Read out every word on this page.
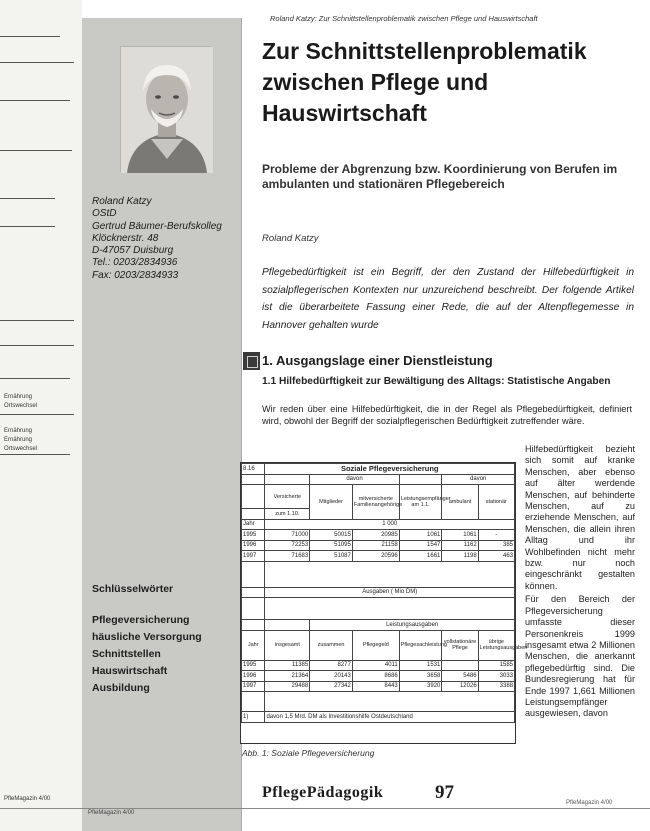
Ernährung
Ortswechsel
Ernährung
Ernährung
Ortswechsel
PfleMagazin 4/00
Roland Katzy
OStD
Gertrud Bäumer-Berufskolleg
Klöcknerstr. 48
D-47057 Duisburg
Tel.: 0203/2834936
Fax: 0203/2834933
Schlüsselwörter
Pflegeversicherung
häusliche Versorgung
Schnittstellen
Hauswirtschaft
Ausbildung
Roland Katzy: Zur Schnittstellenproblematik zwischen Pflege und Hauswirtschaft
Zur Schnittstellenproblematik zwischen Pflege und Hauswirtschaft
Probleme der Abgrenzung bzw. Koordinierung von Berufen im ambulanten und stationären Pflegebereich
Roland Katzy

Pflegebedürftigkeit ist ein Begriff, der den Zustand der Hilfebedürftigkeit in sozialpflegerischen Kontexten nur unzureichend beschreibt. Der folgende Artikel ist die überarbeitete Fassung einer Rede, die auf der Altenpflegemesse in Hannover gehalten wurde

1. Ausgangslage einer Dienstleistung
1.1 Hilfebedürftigkeit zur Bewältigung des Alltags: Statistische Angaben

Wir reden über eine Hilfebedürftigkeit, die in der Regel als Pflegebedürftigkeit, definiert wird, obwohl der Begriff der sozialpflegerischen Bedürftigkeit zutreffender wäre.

8.16	Soziale Pflegeversicherung					
		davon			davon	
	Versicherte	Mitglieder	mitversicherte Familienangehörige	Leistungsempfänger am 1.1.	ambulant	stationär
	zum 1.10.					
Jahr	1 000					
1995	71000	50015	20985	1061	1061	-
1996	72253	51095	21158	1547	1162	385
1997	71683	51087	20596	1661	1198	463

	Ausgaben ( Mio DM)					

		Leistungsausgaben				
Jahr	insgesamt	zusammen	Pflegegeld	Pflegesachleistung	vollstationäre Pflege	übrige Leistungsausgaben
1995	11385	8277	4011	1531		1585
1996	21364	20143	8686	3658	5486	3033
1997	29488	27342	8443	3920	12026	3388

1)	davon 1,5 Mrd. DM als Investitionshilfe Ostdeutschland					
Abb. 1: Soziale Pflegeversicherung

Hilfebedürftigkeit bezieht sich somit auf kranke Menschen, aber ebenso auf älter werdende Menschen, auf behinderte Menschen, auf zu erziehende Menschen, auf Menschen, die allein ihren Alltag und ihr Wohlbefinden nicht mehr bzw. nur noch eingeschränkt gestalten können.

Für den Bereich der Pflegeversicherung umfasste dieser Personenkreis 1999 insgesamt etwa 2 Millionen Menschen, die anerkannt pflegebedürftig sind. Die Bundesregierung hat für Ende 1997 1,661 Millionen Leistungsempfänger ausgewiesen, davon

PflegePädagogik	97	PfleMagazin 4/00
PfleMagazin 4/00
